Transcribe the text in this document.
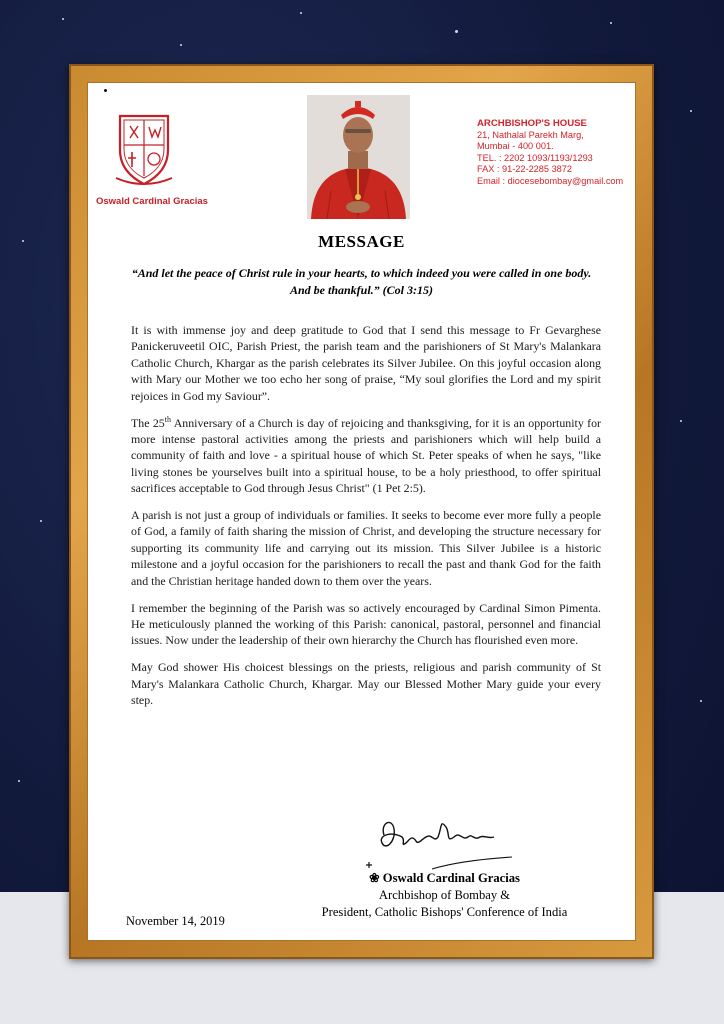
Oswald Cardinal Gracias
ARCHBISHOP'S HOUSE
21, Nathalal Parekh Marg,
Mumbai - 400 001.
TEL. : 2202 1093/1193/1293
FAX : 91-22-2285 3872
Email : diocesebombay@gmail.com
MESSAGE
“And let the peace of Christ rule in your hearts, to which indeed you were called in one body. And be thankful.” (Col 3:15)

It is with immense joy and deep gratitude to God that I send this message to Fr Gevarghese Panickeruveetil OIC, Parish Priest, the parish team and the parishioners of St Mary's Malankara Catholic Church, Khargar as the parish celebrates its Silver Jubilee. On this joyful occasion along with Mary our Mother we too echo her song of praise, “My soul glorifies the Lord and my spirit rejoices in God my Saviour”.

The 25th Anniversary of a Church is day of rejoicing and thanksgiving, for it is an opportunity for more intense pastoral activities among the priests and parishioners which will help build a community of faith and love - a spiritual house of which St. Peter speaks of when he says, "like living stones be yourselves built into a spiritual house, to be a holy priesthood, to offer spiritual sacrifices acceptable to God through Jesus Christ" (1 Pet 2:5).

A parish is not just a group of individuals or families. It seeks to become ever more fully a people of God, a family of faith sharing the mission of Christ, and developing the structure necessary for supporting its community life and carrying out its mission. This Silver Jubilee is a historic milestone and a joyful occasion for the parishioners to recall the past and thank God for the faith and the Christian heritage handed down to them over the years.

I remember the beginning of the Parish was so actively encouraged by Cardinal Simon Pimenta. He meticulously planned the working of this Parish: canonical, pastoral, personnel and financial issues. Now under the leadership of their own hierarchy the Church has flourished even more.

May God shower His choicest blessings on the priests, religious and parish community of St Mary's Malankara Catholic Church, Khargar. May our Blessed Mother Mary guide your every step.

❀ Oswald Cardinal Gracias
Archbishop of Bombay &
President, Catholic Bishops' Conference of India
November 14, 2019
